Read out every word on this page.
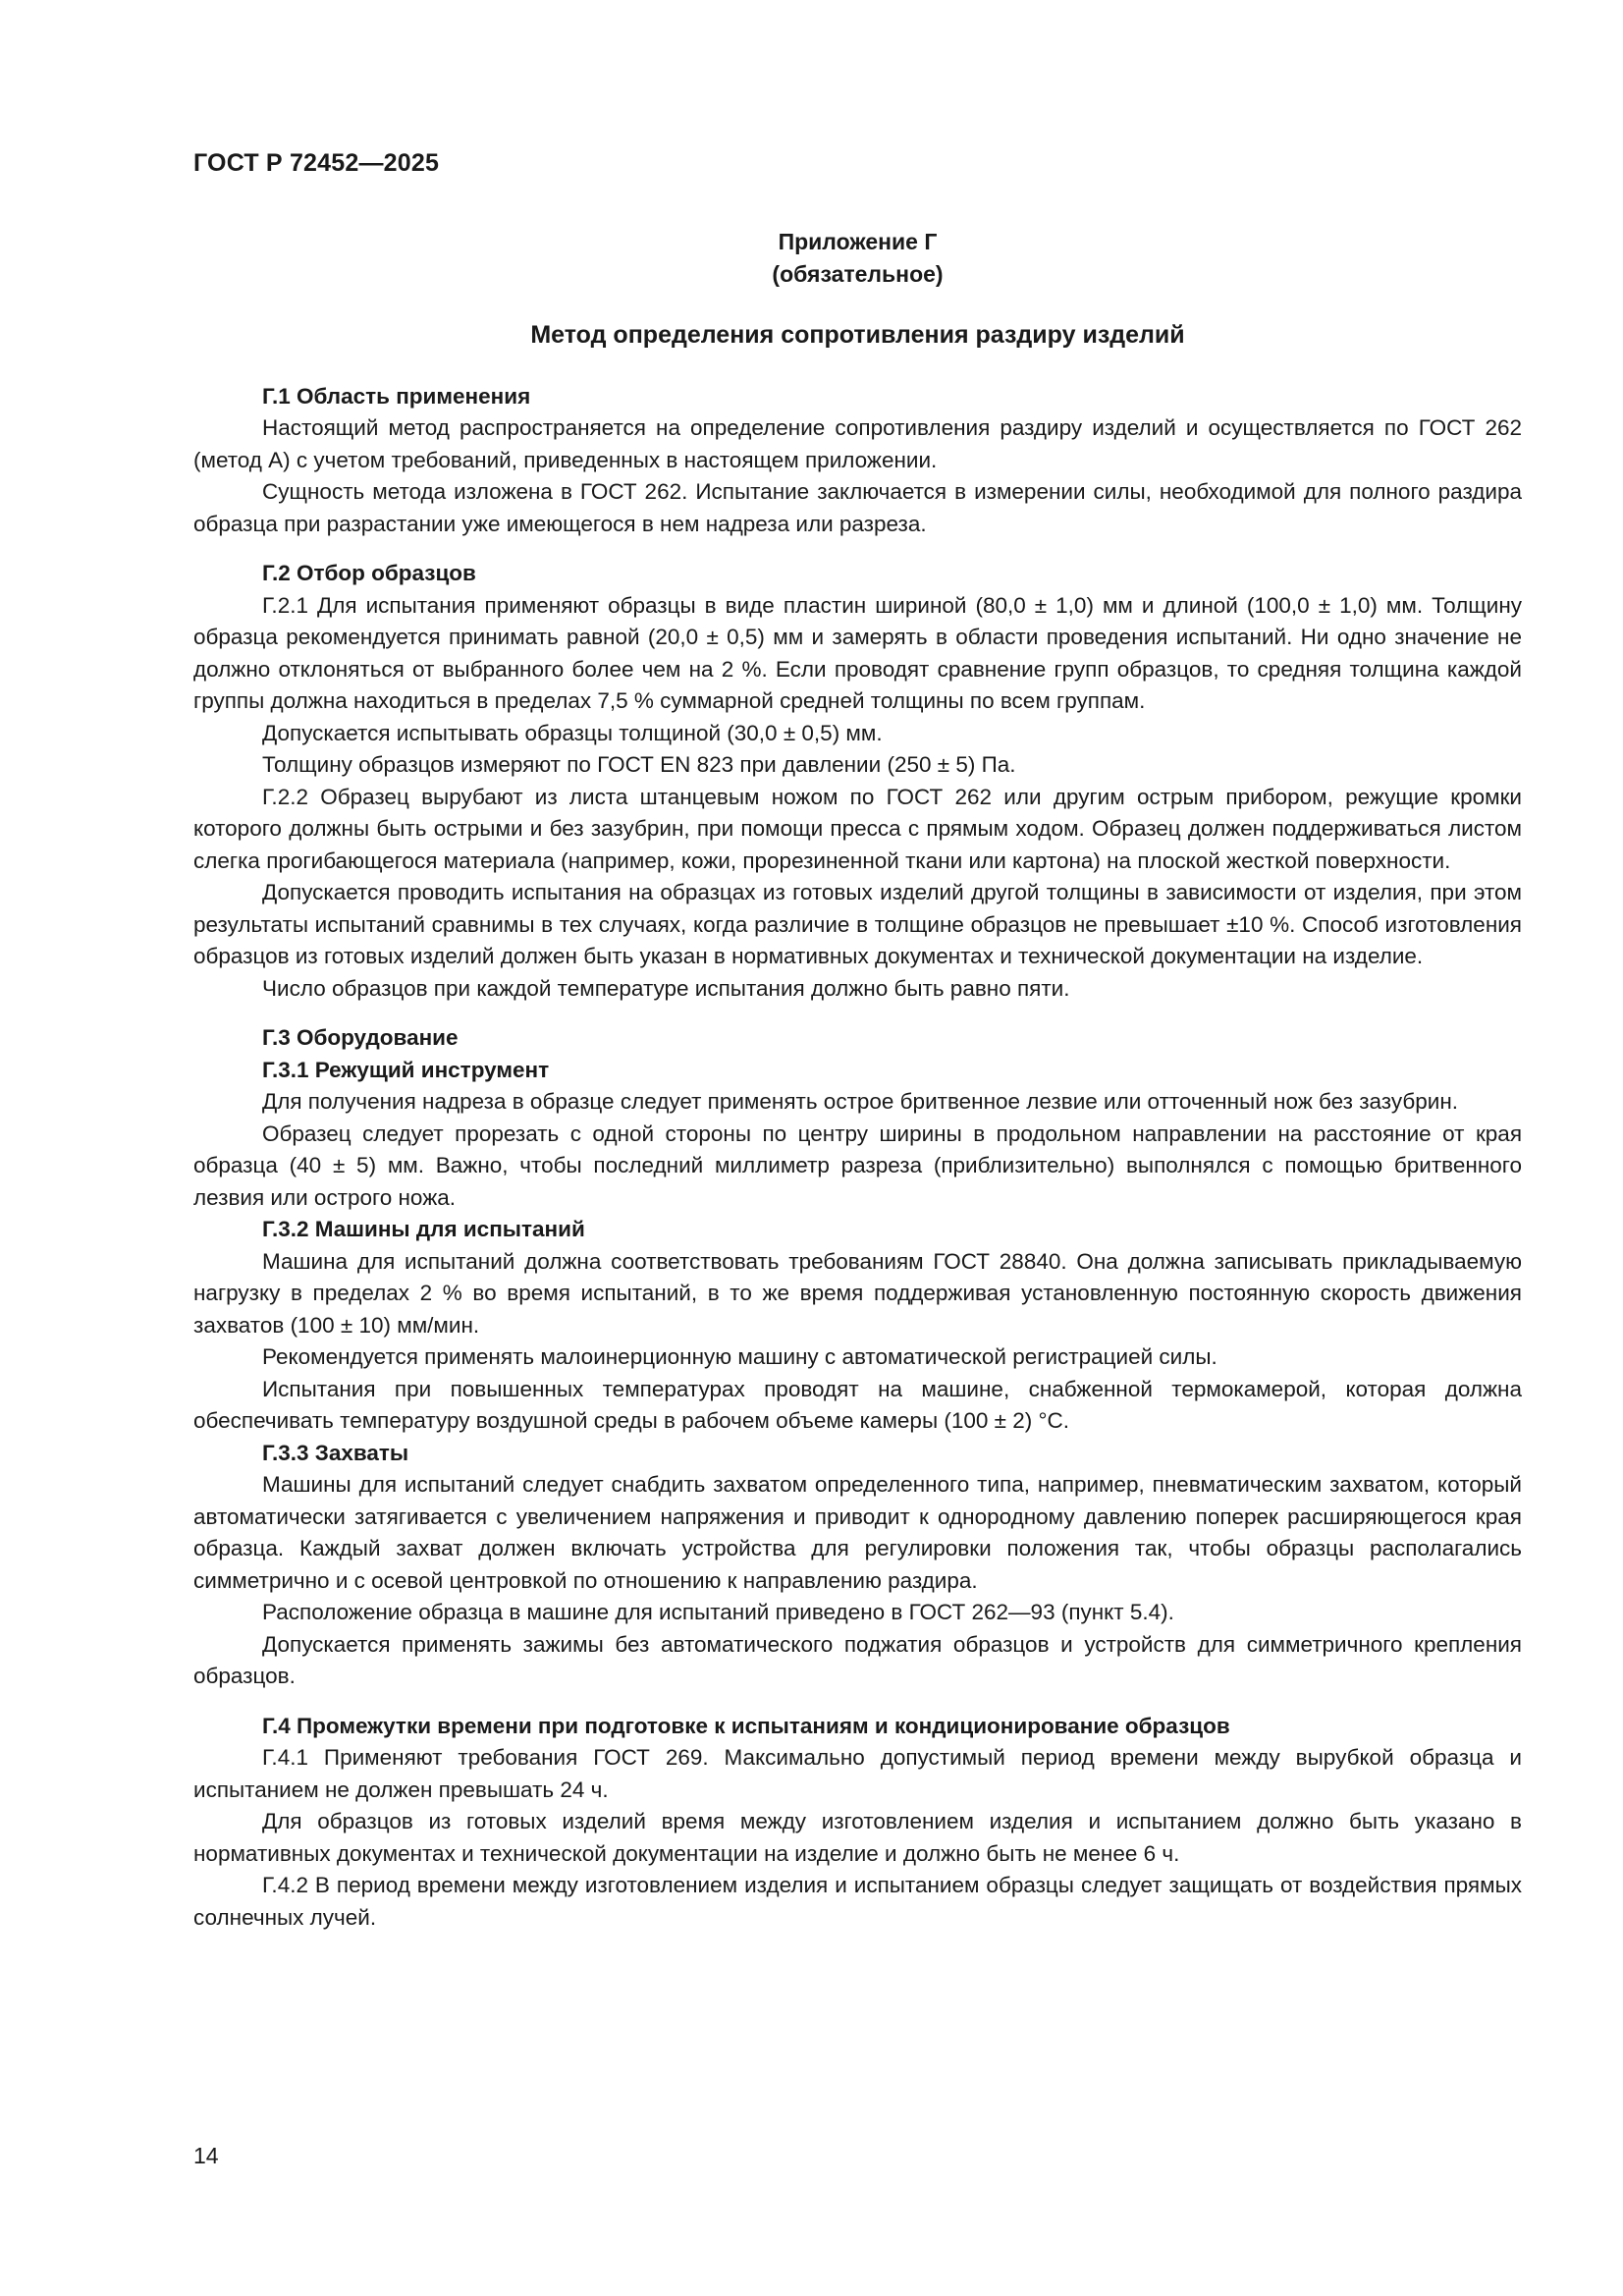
ГОСТ Р 72452—2025
Приложение Г
(обязательное)
Метод определения сопротивления раздиру изделий
Г.1 Область применения

Настоящий метод распространяется на определение сопротивления раздиру изделий и осуществляется по ГОСТ 262 (метод А) с учетом требований, приведенных в настоящем приложении.

Сущность метода изложена в ГОСТ 262. Испытание заключается в измерении силы, необходимой для полного раздира образца при разрастании уже имеющегося в нем надреза или разреза.

Г.2 Отбор образцов

Г.2.1 Для испытания применяют образцы в виде пластин шириной (80,0 ± 1,0) мм и длиной (100,0 ± 1,0) мм. Толщину образца рекомендуется принимать равной (20,0 ± 0,5) мм и замерять в области проведения испытаний. Ни одно значение не должно отклоняться от выбранного более чем на 2 %. Если проводят сравнение групп образцов, то средняя толщина каждой группы должна находиться в пределах 7,5 % суммарной средней толщины по всем группам.

Допускается испытывать образцы толщиной (30,0 ± 0,5) мм.

Толщину образцов измеряют по ГОСТ EN 823 при давлении (250 ± 5) Па.

Г.2.2 Образец вырубают из листа штанцевым ножом по ГОСТ 262 или другим острым прибором, режущие кромки которого должны быть острыми и без зазубрин, при помощи пресса с прямым ходом. Образец должен поддерживаться листом слегка прогибающегося материала (например, кожи, прорезиненной ткани или картона) на плоской жесткой поверхности.

Допускается проводить испытания на образцах из готовых изделий другой толщины в зависимости от изделия, при этом результаты испытаний сравнимы в тех случаях, когда различие в толщине образцов не превышает ±10 %. Способ изготовления образцов из готовых изделий должен быть указан в нормативных документах и технической документации на изделие.

Число образцов при каждой температуре испытания должно быть равно пяти.

Г.3 Оборудование
Г.3.1 Режущий инструмент

Для получения надреза в образце следует применять острое бритвенное лезвие или отточенный нож без зазубрин.

Образец следует прорезать с одной стороны по центру ширины в продольном направлении на расстояние от края образца (40 ± 5) мм. Важно, чтобы последний миллиметр разреза (приблизительно) выполнялся с помощью бритвенного лезвия или острого ножа.

Г.3.2 Машины для испытаний

Машина для испытаний должна соответствовать требованиям ГОСТ 28840. Она должна записывать прикладываемую нагрузку в пределах 2 % во время испытаний, в то же время поддерживая установленную постоянную скорость движения захватов (100 ± 10) мм/мин.

Рекомендуется применять малоинерционную машину с автоматической регистрацией силы.

Испытания при повышенных температурах проводят на машине, снабженной термокамерой, которая должна обеспечивать температуру воздушной среды в рабочем объеме камеры (100 ± 2) °С.

Г.3.3 Захваты

Машины для испытаний следует снабдить захватом определенного типа, например, пневматическим захватом, который автоматически затягивается с увеличением напряжения и приводит к однородному давлению поперек расширяющегося края образца. Каждый захват должен включать устройства для регулировки положения так, чтобы образцы располагались симметрично и с осевой центровкой по отношению к направлению раздира.

Расположение образца в машине для испытаний приведено в ГОСТ 262—93 (пункт 5.4).

Допускается применять зажимы без автоматического поджатия образцов и устройств для симметричного крепления образцов.

Г.4 Промежутки времени при подготовке к испытаниям и кондиционирование образцов

Г.4.1 Применяют требования ГОСТ 269. Максимально допустимый период времени между вырубкой образца и испытанием не должен превышать 24 ч.

Для образцов из готовых изделий время между изготовлением изделия и испытанием должно быть указано в нормативных документах и технической документации на изделие и должно быть не менее 6 ч.

Г.4.2 В период времени между изготовлением изделия и испытанием образцы следует защищать от воздействия прямых солнечных лучей.

14
